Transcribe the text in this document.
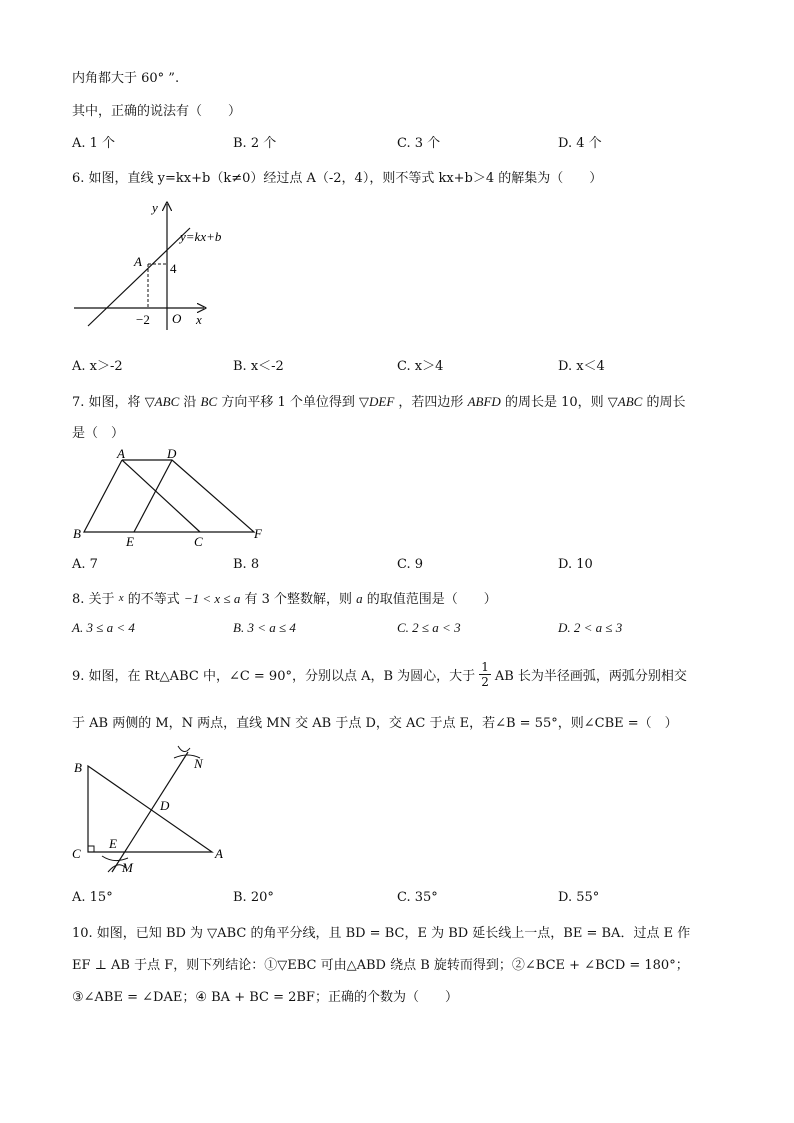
内角都大于 60° ”.
其中，正确的说法有（　　）
A. 1 个	B. 2 个	C. 3 个	D. 4 个
6. 如图，直线 y=kx+b（k≠0）经过点 A（-2，4），则不等式 kx+b＞4 的解集为（　　）
y
x
O
A 4
−2
y=kx+b
A. x＞-2	B. x＜-2	C. x＞4	D. x＜4
7. 如图，将 ▽ABC 沿 BC 方向平移 1 个单位得到 ▽DEF ，若四边形 ABFD 的周长是 10，则 ▽ABC 的周长
是（　）
A	D
B
E	C
F
A. 7	B. 8	C. 9	D. 10
8. 关于 x 的不等式 −1 < x ≤ a 有 3 个整数解，则 a 的取值范围是（　　）
A. 3 ≤ a < 4	B. 3 < a ≤ 4	C. 2 ≤ a < 3	D. 2 < a ≤ 3
9. 如图，在 Rt△ABC 中，∠C = 90°，分别以点 A，B 为圆心，大于 $\frac{1}{2}$ AB 长为半径画弧，两弧分别相交
于 AB 两侧的 M，N 两点，直线 MN 交 AB 于点 D，交 AC 于点 E，若∠B = 55°，则∠CBE =（　）
B
C	A
D
E
M
N
A. 15°	B. 20°	C. 35°	D. 55°
10. 如图，已知 BD 为 ▽ABC 的角平分线，且 BD = BC，E 为 BD 延长线上一点，BE = BA．过点 E 作
EF ⊥ AB 于点 F，则下列结论：①▽EBC 可由△ABD 绕点 B 旋转而得到；②∠BCE + ∠BCD = 180°；
③∠ABE = ∠DAE；④ BA + BC = 2BF；正确的个数为（　　）
